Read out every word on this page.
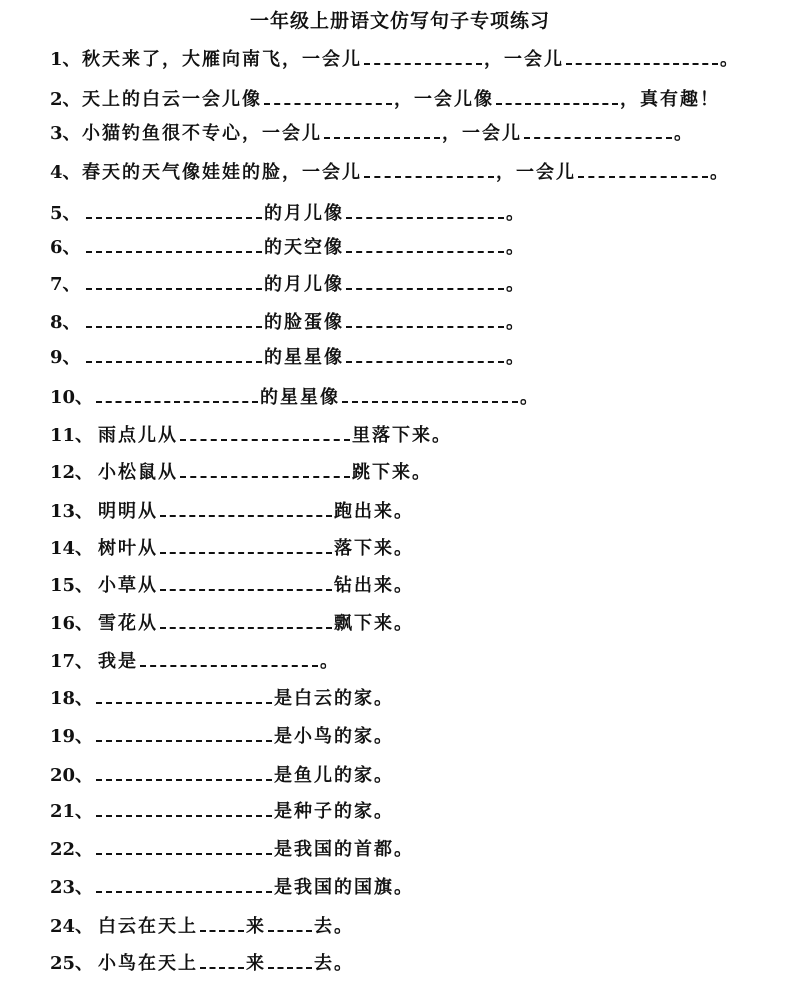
一年级上册语文仿写句子专项练习
1、 秋天来了，大雁向南飞，一会儿	，一会儿	。
2、 天上的白云一会儿像	，一会儿像	，真有趣！
3、 小猫钓鱼很不专心，一会儿	，一会儿	。
4、 春天的天气像娃娃的脸，一会儿	，一会儿	。
5、	的月儿像	。
6、	的天空像	。
7、	的月儿像	。
8、	的脸蛋像	。
9、	的星星像	。
10、	的星星像	。
11、 雨点儿从	里落下来。
12、 小松鼠从	跳下来。
13、 明明从	跑出来。
14、 树叶从	落下来。
15、 小草从	钻出来。
16、 雪花从	飘下来。
17、 我是	。
18、	是白云的家。
19、	是小鸟的家。
20、	是鱼儿的家。
21、	是种子的家。
22、	是我国的首都。
23、	是我国的国旗。
24、 白云在天上	来	去。
25、 小鸟在天上	来	去。
